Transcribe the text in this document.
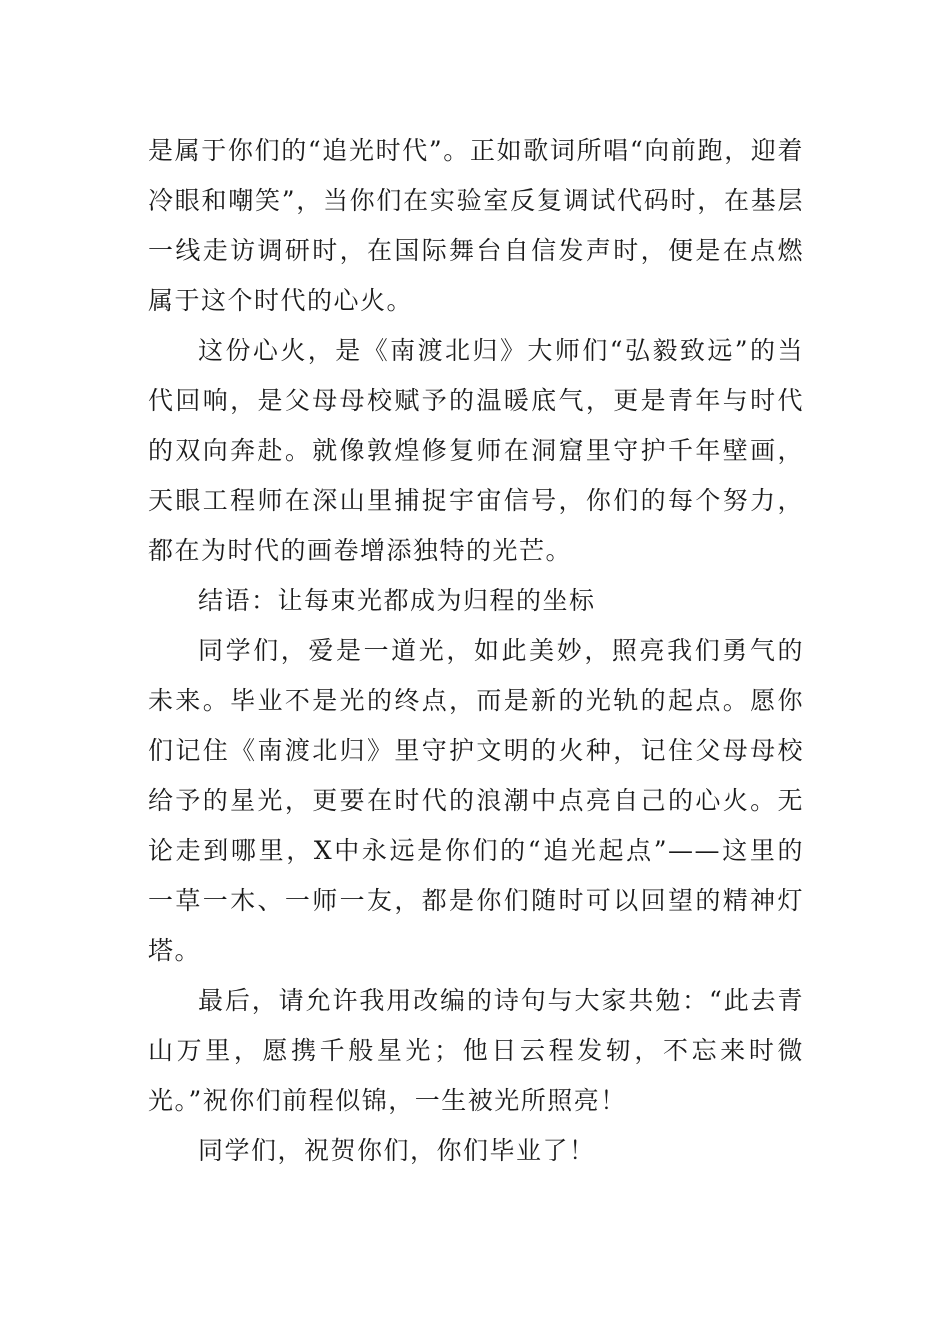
是属于你们的“追光时代”。正如歌词所唱“向前跑，迎着冷眼和嘲笑”，当你们在实验室反复调试代码时，在基层一线走访调研时，在国际舞台自信发声时，便是在点燃属于这个时代的心火。

这份心火，是《南渡北归》大师们“弘毅致远”的当代回响，是父母母校赋予的温暖底气，更是青年与时代的双向奔赴。就像敦煌修复师在洞窟里守护千年壁画，天眼工程师在深山里捕捉宇宙信号，你们的每个努力，都在为时代的画卷增添独特的光芒。

结语：让每束光都成为归程的坐标

同学们，爱是一道光，如此美妙，照亮我们勇气的未来。毕业不是光的终点，而是新的光轨的起点。愿你们记住《南渡北归》里守护文明的火种，记住父母母校给予的星光，更要在时代的浪潮中点亮自己的心火。无论走到哪里，X中永远是你们的“追光起点”——这里的一草一木、一师一友，都是你们随时可以回望的精神灯塔。

最后，请允许我用改编的诗句与大家共勉：“此去青山万里，愿携千般星光；他日云程发轫，不忘来时微光。”祝你们前程似锦，一生被光所照亮！

同学们，祝贺你们，你们毕业了！
